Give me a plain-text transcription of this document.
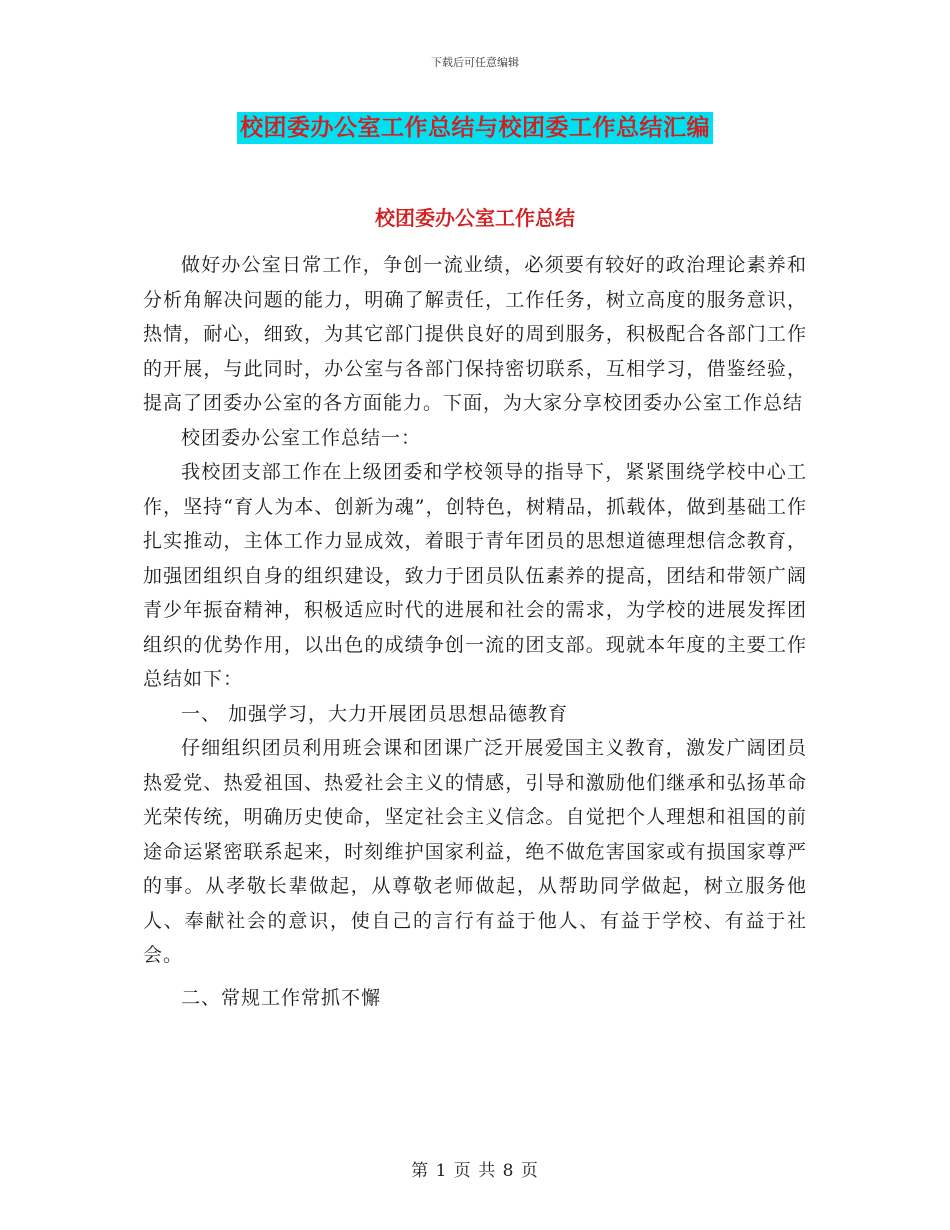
下载后可任意编辑
校团委办公室工作总结与校团委工作总结汇编
校团委办公室工作总结

做好办公室日常工作，争创一流业绩，必须要有较好的政治理论素养和分析角解决问题的能力，明确了解责任，工作任务，树立高度的服务意识，热情，耐心，细致，为其它部门提供良好的周到服务，积极配合各部门工作的开展，与此同时，办公室与各部门保持密切联系，互相学习，借鉴经验，提高了团委办公室的各方面能力。下面，为大家分享校团委办公室工作总结

校团委办公室工作总结一：

我校团支部工作在上级团委和学校领导的指导下，紧紧围绕学校中心工作，坚持“育人为本、创新为魂”，创特色，树精品，抓载体，做到基础工作扎实推动，主体工作力显成效，着眼于青年团员的思想道德理想信念教育，加强团组织自身的组织建设，致力于团员队伍素养的提高，团结和带领广阔青少年振奋精神，积极适应时代的进展和社会的需求，为学校的进展发挥团组织的优势作用，以出色的成绩争创一流的团支部。现就本年度的主要工作总结如下：

一、 加强学习，大力开展团员思想品德教育

仔细组织团员利用班会课和团课广泛开展爱国主义教育，激发广阔团员热爱党、热爱祖国、热爱社会主义的情感，引导和激励他们继承和弘扬革命光荣传统，明确历史使命，坚定社会主义信念。自觉把个人理想和祖国的前途命运紧密联系起来，时刻维护国家利益，绝不做危害国家或有损国家尊严的事。从孝敬长辈做起，从尊敬老师做起，从帮助同学做起，树立服务他人、奉献社会的意识，使自己的言行有益于他人、有益于学校、有益于社会。

二、常规工作常抓不懈

第 1 页 共 8 页
